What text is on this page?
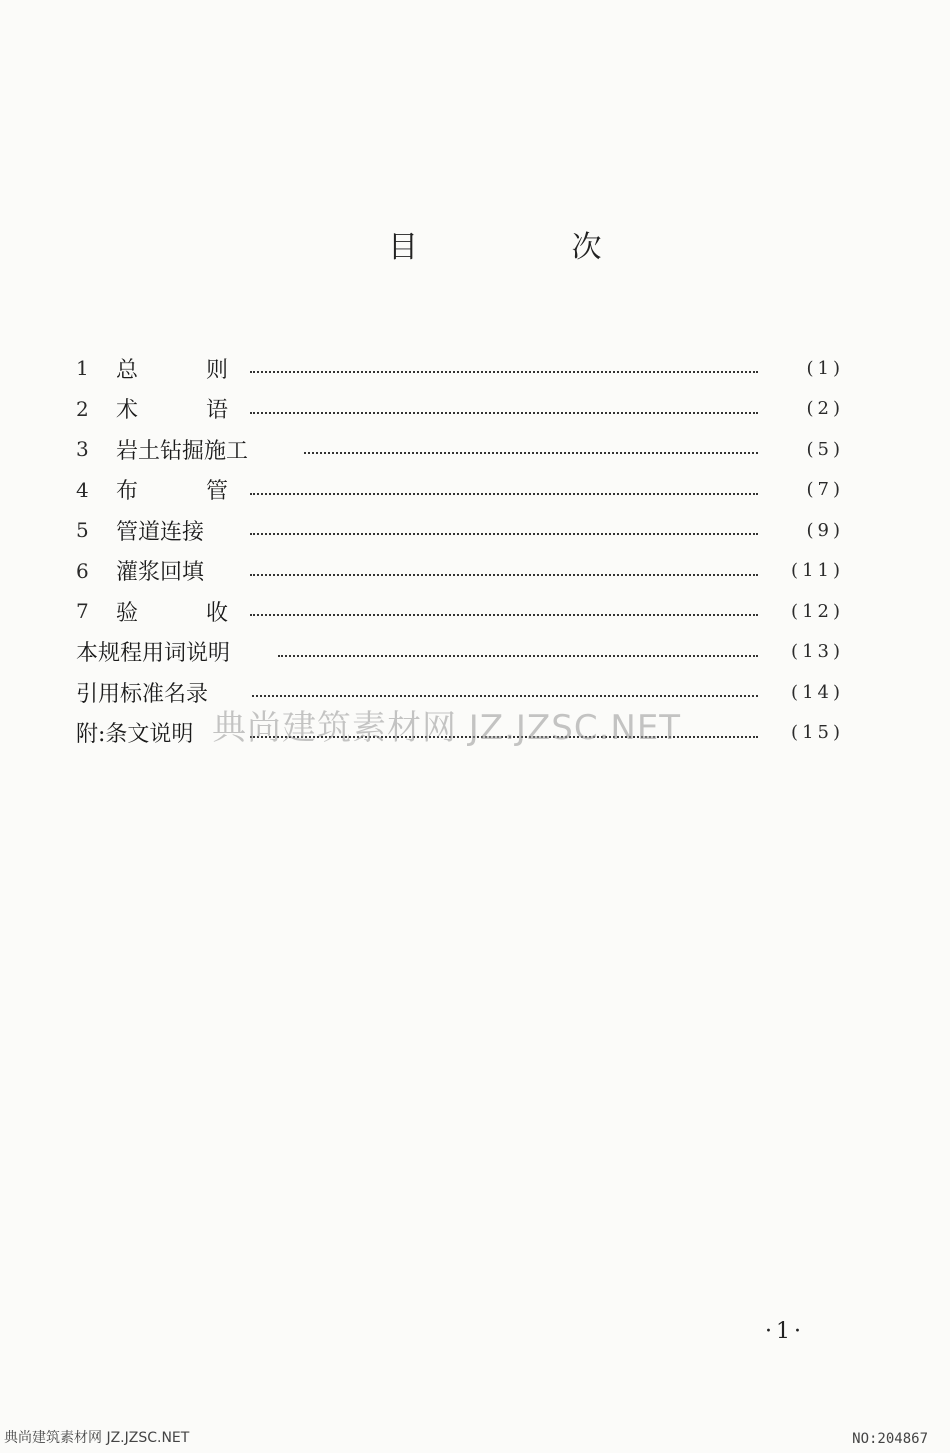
目 次
1	总 则	(1)
2	术 语	(2)
3	岩土钻掘施工	(5)
4	布 管	(7)
5	管道连接	(9)
6	灌浆回填	(11)
7	验 收	(12)
本规程用词说明	(13)
引用标准名录	(14)
附:条文说明	(15)
典尚建筑素材网 JZ.JZSC.NET
·1·
典尚建筑素材网 JZ.JZSC.NET	NO:204867
